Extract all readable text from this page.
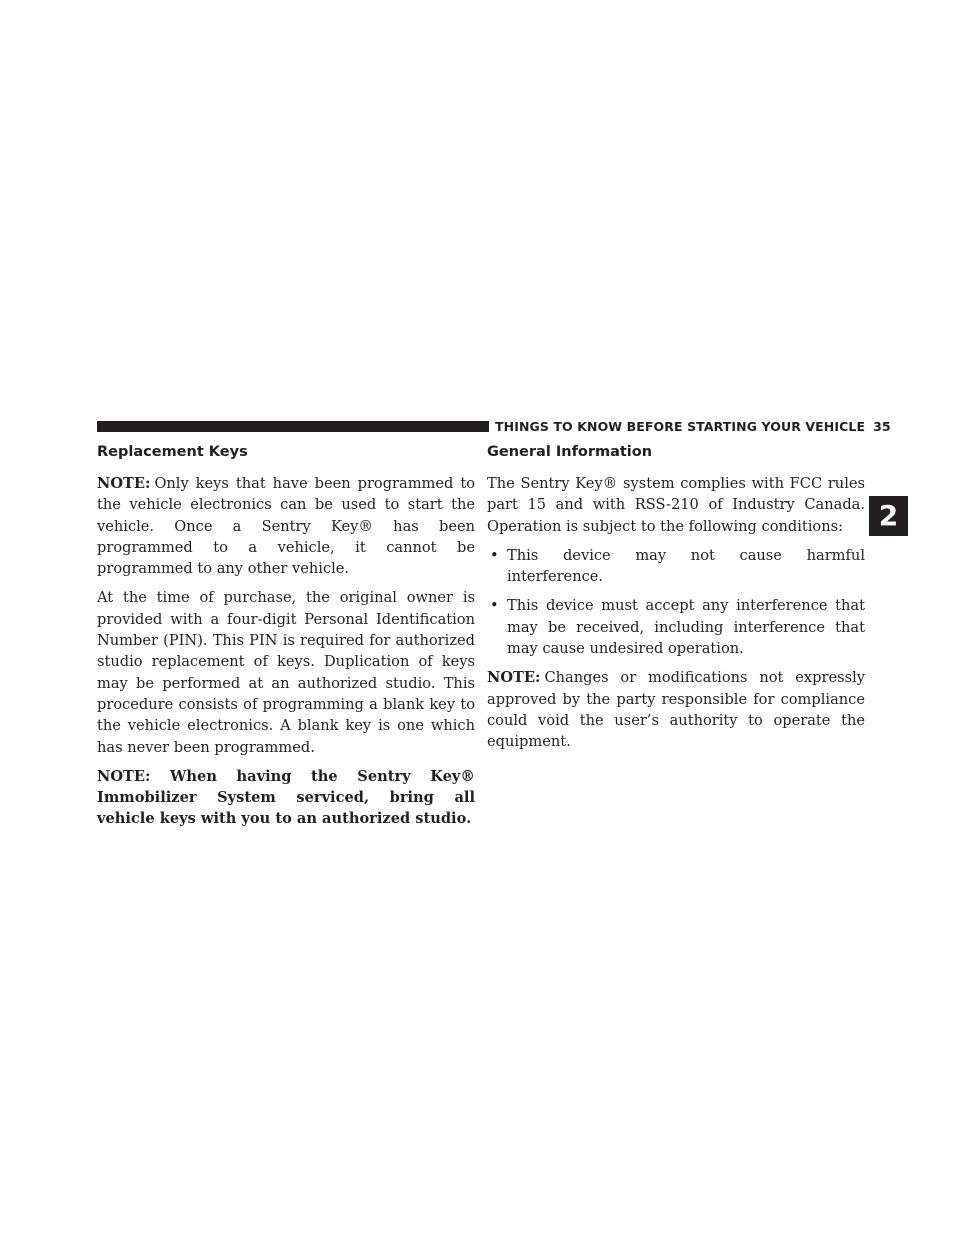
THINGS TO KNOW BEFORE STARTING YOUR VEHICLE 35
2
Replacement Keys

NOTE: Only keys that have been programmed to the vehicle electronics can be used to start the vehicle. Once a Sentry Key® has been programmed to a vehicle, it cannot be programmed to any other vehicle.

At the time of purchase, the original owner is provided with a four-digit Personal Identification Number (PIN). This PIN is required for authorized studio replacement of keys. Duplication of keys may be performed at an authorized studio. This procedure consists of programming a blank key to the vehicle electronics. A blank key is one which has never been programmed.

NOTE: When having the Sentry Key® Immobilizer System serviced, bring all vehicle keys with you to an authorized studio.

General Information

The Sentry Key® system complies with FCC rules part 15 and with RSS-210 of Industry Canada. Operation is subject to the following conditions:

• This device may not cause harmful interference.
• This device must accept any interference that may be received, including interference that may cause undesired operation.

NOTE: Changes or modifications not expressly approved by the party responsible for compliance could void the user’s authority to operate the equipment.
